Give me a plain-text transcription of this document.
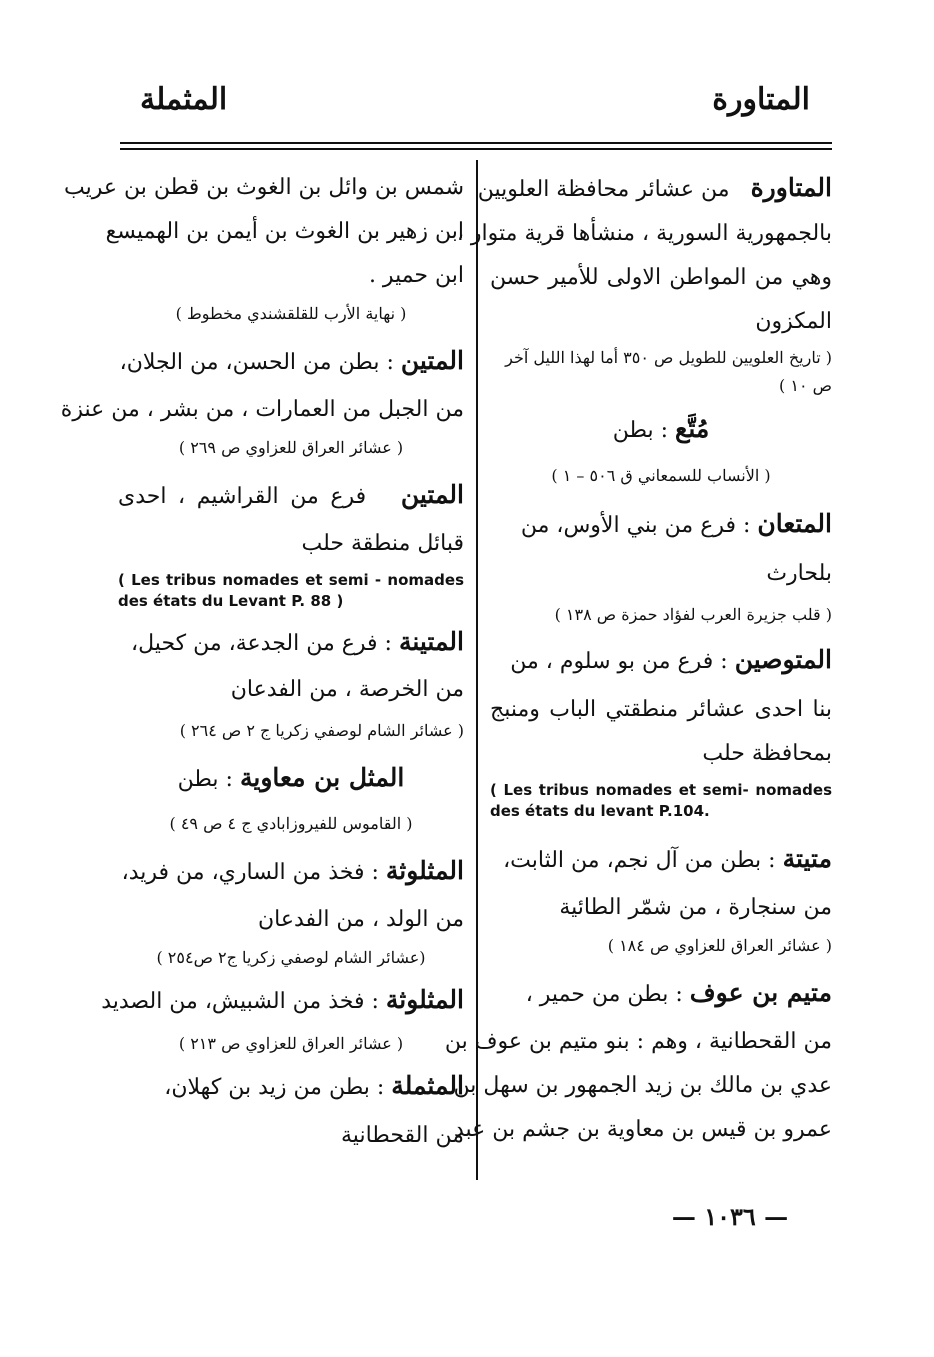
المتاورة
المثملة
المتاورة   من عشائر محافظة العلويين
بالجمهورية السورية ، منشأها قرية متوار ،
وهي من المواطن الاولى للأمير حسن
المكزون
( تاريخ العلويين للطويل ص ٣٥٠ أما لهذا الليل آخر ص ١٠ )
مُتَّع : بطن
( الأنساب للسمعاني ق ٥٠٦ – ١ )
المتعان : فرع من بني الأوس، من
بلحارث
( قلب جزيرة العرب لفؤاد حمزة ص ١٣٨ )
المتوصين : فرع من بو سلوم ، من
بنا احدى عشائر منطقتي الباب ومنبج
بمحافظة حلب
( Les tribus nomades et semi- nomades des états du levant P.104.
متيتة : بطن من آل نجم، من الثابت،
من سنجارة ، من شمّر الطائية
( عشائر العراق للعزاوي ص ١٨٤ )
متيم بن عوف : بطن من حمير ،
من القحطانية ، وهم : بنو متيم بن عوف بن
عدي بن مالك بن زيد الجمهور بن سهل بن
عمرو بن قيس بن معاوية بن جشم بن عبد
شمس بن وائل بن الغوث بن قطن بن عريب
ابن زهير بن الغوث بن أيمن بن الهميسع
ابن حمير .
( نهاية الأرب للقلقشندي مخطوط )
المتين : بطن من الحسن، من الجلان،
من الجبل من العمارات ، من بشر ، من عنزة
( عشائر العراق للعزاوي ص ٢٦٩ )
المتين   فرع من القراشيم ، احدى
قبائل منطقة حلب
( Les tribus nomades et semi - nomades des états du Levant P. 88 )
المتينة : فرع من الجدعة، من كحيل،
من الخرصة ، من الفدعان
( عشائر الشام لوصفي زكريا ج ٢ ص ٢٦٤ )
المثل بن معاوية : بطن
( القاموس للفيروزابادي ج ٤ ص ٤٩ )
المثلوثة : فخذ من الساري، من فريد،
من الولد ، من الفدعان
(عشائر الشام لوصفي زكريا ج٢ ص٢٥٤ )
المثلوثة : فخذ من الشبيش، من الصديد
( عشائر العراق للعزاوي ص ٢١٣ )
المثملة : بطن من زيد بن كهلان،
من القحطانية
— ١٠٣٦ —
